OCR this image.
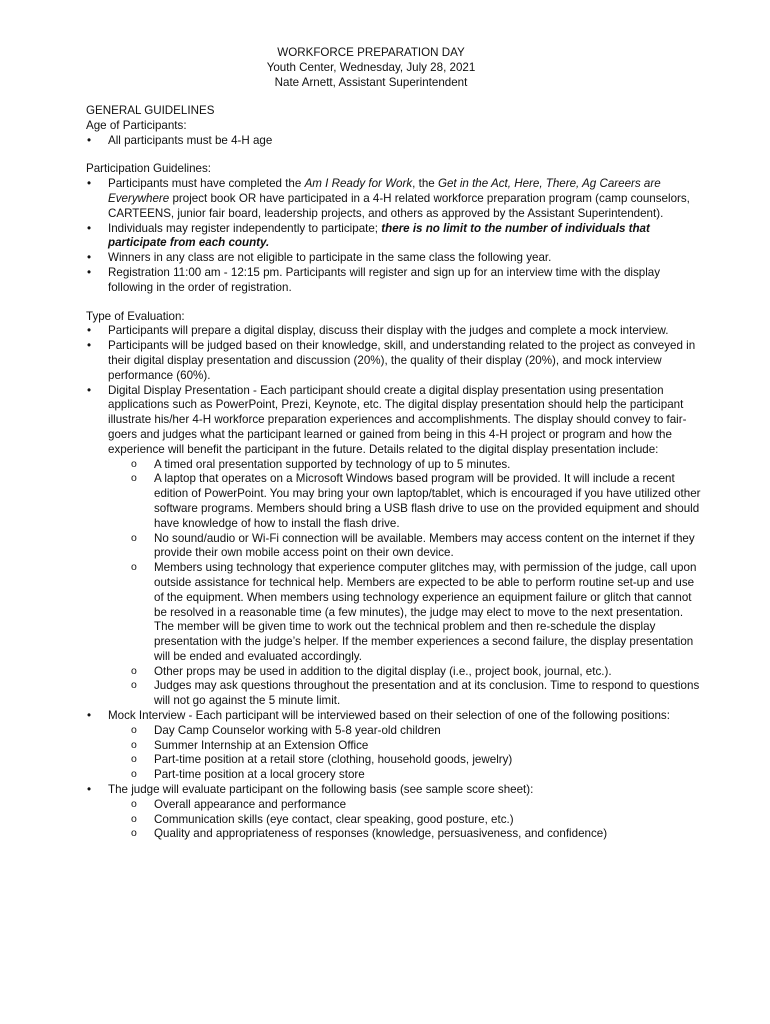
WORKFORCE PREPARATION DAY
Youth Center, Wednesday, July 28, 2021
Nate Arnett, Assistant Superintendent
GENERAL GUIDELINES
Age of Participants:
• All participants must be 4-H age
Participation Guidelines:
• Participants must have completed the Am I Ready for Work, the Get in the Act, Here, There, Ag Careers are Everywhere project book OR have participated in a 4-H related workforce preparation program (camp counselors, CARTEENS, junior fair board, leadership projects, and others as approved by the Assistant Superintendent).
• Individuals may register independently to participate; there is no limit to the number of individuals that participate from each county.
• Winners in any class are not eligible to participate in the same class the following year.
• Registration 11:00 am - 12:15 pm. Participants will register and sign up for an interview time with the display following in the order of registration.
Type of Evaluation:
• Participants will prepare a digital display, discuss their display with the judges and complete a mock interview.
• Participants will be judged based on their knowledge, skill, and understanding related to the project as conveyed in their digital display presentation and discussion (20%), the quality of their display (20%), and mock interview performance (60%).
• Digital Display Presentation - Each participant should create a digital display presentation using presentation applications such as PowerPoint, Prezi, Keynote, etc. The digital display presentation should help the participant illustrate his/her 4-H workforce preparation experiences and accomplishments. The display should convey to fair-goers and judges what the participant learned or gained from being in this 4-H project or program and how the experience will benefit the participant in the future. Details related to the digital display presentation include:
o A timed oral presentation supported by technology of up to 5 minutes.
o A laptop that operates on a Microsoft Windows based program will be provided. It will include a recent edition of PowerPoint. You may bring your own laptop/tablet, which is encouraged if you have utilized other software programs. Members should bring a USB flash drive to use on the provided equipment and should have knowledge of how to install the flash drive.
o No sound/audio or Wi-Fi connection will be available. Members may access content on the internet if they provide their own mobile access point on their own device.
o Members using technology that experience computer glitches may, with permission of the judge, call upon outside assistance for technical help. Members are expected to be able to perform routine set-up and use of the equipment. When members using technology experience an equipment failure or glitch that cannot be resolved in a reasonable time (a few minutes), the judge may elect to move to the next presentation. The member will be given time to work out the technical problem and then re-schedule the display presentation with the judge’s helper. If the member experiences a second failure, the display presentation will be ended and evaluated accordingly.
o Other props may be used in addition to the digital display (i.e., project book, journal, etc.).
o Judges may ask questions throughout the presentation and at its conclusion. Time to respond to questions will not go against the 5 minute limit.
• Mock Interview - Each participant will be interviewed based on their selection of one of the following positions:
o Day Camp Counselor working with 5-8 year-old children
o Summer Internship at an Extension Office
o Part-time position at a retail store (clothing, household goods, jewelry)
o Part-time position at a local grocery store
• The judge will evaluate participant on the following basis (see sample score sheet):
o Overall appearance and performance
o Communication skills (eye contact, clear speaking, good posture, etc.)
o Quality and appropriateness of responses (knowledge, persuasiveness, and confidence)
